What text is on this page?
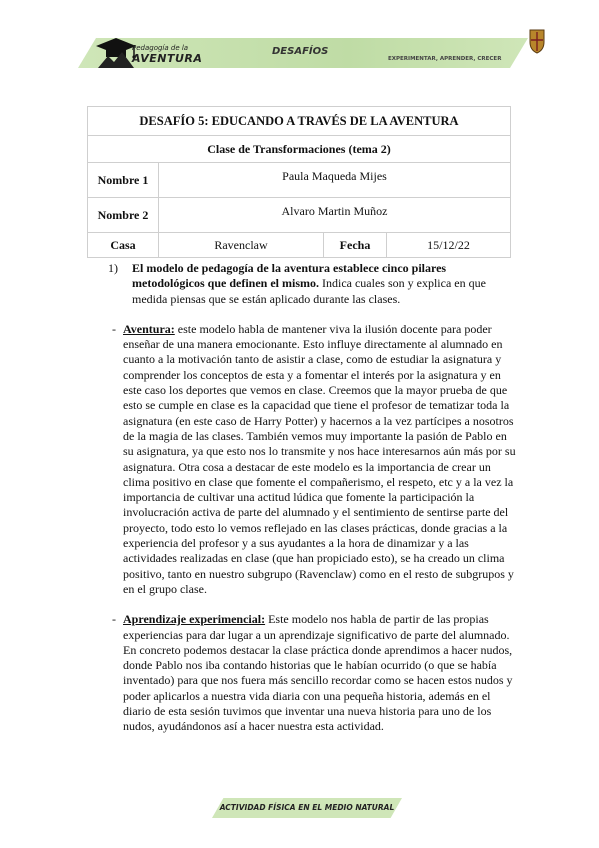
Pedagogía de la
AVENTURA
DESAFÍOS
EXPERIMENTAR, APRENDER, CRECER
DESAFÍO 5: EDUCANDO A TRAVÉS DE LA AVENTURA			
Clase de Transformaciones (tema 2)			
Nombre 1	Paula Maqueda Mijes		
Nombre 2	Alvaro Martin Muñoz		
Casa	Ravenclaw	Fecha	15/12/22
1)	El modelo de pedagogía de la aventura establece cinco pilares metodológicos que definen el mismo. Indica cuales son y explica en que medida piensas que se están aplicado durante las clases.
- Aventura: este modelo habla de mantener viva la ilusión docente para poder enseñar de una manera emocionante. Esto influye directamente al alumnado en cuanto a la motivación tanto de asistir a clase, como de estudiar la asignatura y comprender los conceptos de esta y a fomentar el interés por la asignatura y en este caso los deportes que vemos en clase. Creemos que la mayor prueba de que esto se cumple en clase es la capacidad que tiene el profesor de tematizar toda la asignatura (en este caso de Harry Potter) y hacernos a la vez partícipes a nosotros de la magia de las clases. También vemos muy importante la pasión de Pablo en su asignatura, ya que esto nos lo transmite y nos hace interesarnos aún más por su asignatura. Otra cosa a destacar de este modelo es la importancia de crear un clima positivo en clase que fomente el compañerismo, el respeto, etc y a la vez la importancia de cultivar una actitud lúdica que fomente la participación la involucración activa de parte del alumnado y el sentimiento de sentirse parte del proyecto, todo esto lo vemos reflejado en las clases prácticas, donde gracias a la experiencia del profesor y a sus ayudantes a la hora de dinamizar y a las actividades realizadas en clase (que han propiciado esto), se ha creado un clima positivo, tanto en nuestro subgrupo (Ravenclaw) como en el resto de subgrupos y en el grupo clase.
- Aprendizaje experimencial: Este modelo nos habla de partir de las propias experiencias para dar lugar a un aprendizaje significativo de parte del alumnado. En concreto podemos destacar la clase práctica donde aprendimos a hacer nudos, donde Pablo nos iba contando historias que le habían ocurrido (o que se había inventado) para que nos fuera más sencillo recordar como se hacen estos nudos y poder aplicarlos a nuestra vida diaria con una pequeña historia, además en el diario de esta sesión tuvimos que inventar una nueva historia para uno de los nudos, ayudándonos así a hacer nuestra esta actividad.
ACTIVIDAD FÍSICA EN EL MEDIO NATURAL
